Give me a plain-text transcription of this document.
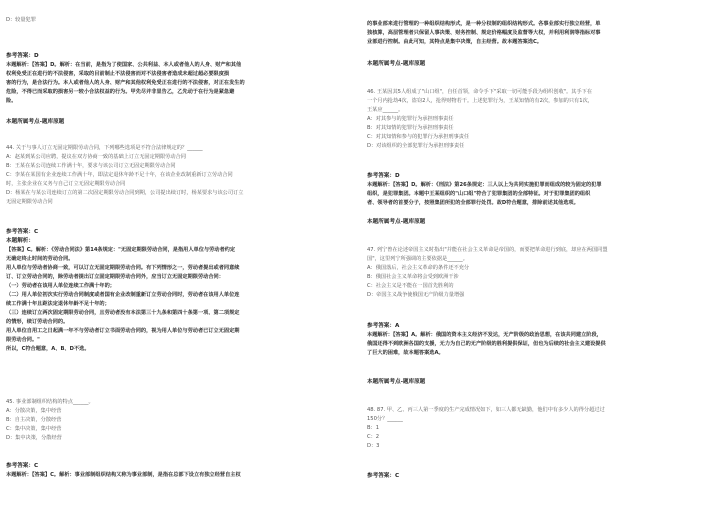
D：较量犯罪
参考答案：D
本题解析：【答案】D。解析：在当前，是指为了使国家、公共利益、本人或者他人的人身、财产和其他
权利免受正在进行的不法侵害，采取的目前制止不法侵害而对不法侵害者造成未超过超必要限度损
害的行为，是合法行为。本人或者他人的人身、财产和其他权利免受正在进行的不法侵害，对正在发生的
危险，不得已而采取的损害另一较小合法权益的行为。甲先尽并非显告乙，乙先动于在行为是紧急避
险。
本题所属考点-题库原题
44. 关于与事人订立无固定期限劳动合同，下列哪些选项是不符合法律规定的？______
A：赵某到某公司应聘，提议在双方协商一致的基础上订立无固定期限劳动合同
B：王某在某公司连续工作满十年，要求与该公司订立无固定期限劳动合同
C：李某在某国有企业连续工作满十年，即法定退休年龄不足十年，在该企业改制重新订立劳动合同
时，主张企业在义务与自己订立无固定期限劳动合同
D：杨某在与某公司连续订立的第二次固定期限劳动合同到期，公司提出续订时，杨某要求与该公司订立
无固定期限劳动合同
参考答案：C
本题解析：
【答案】C。解析：《劳动合同法》第14条规定："无固定期限劳动合同，是指用人单位与劳动者约定
无确定终止时间的劳动合同。
用人单位与劳动者协商一致，可以订立无固定期限劳动合同。有下列情形之一，劳动者提出或者同意续
订、订立劳动合同的，除劳动者提出订立固定期限劳动合同外，应当订立无固定期限劳动合同：
（一）劳动者在该用人单位连续工作满十年的；
（二）用人单位初次实行劳动合同制度或者国有企业改制重新订立劳动合同时，劳动者在该用人单位连
续工作满十年且距法定退休年龄不足十年的；
（三）连续订立两次固定期限劳动合同，且劳动者没有本法第三十九条和第四十条第一项、第二项规定
的情形，续订劳动合同的。
用人单位自用工之日起满一年不与劳动者订立书面劳动合同的，视为用人单位与劳动者已订立无固定期
限劳动合同。"
所以，C符合题意，A、B、D不选。
45. 事业部制组织结构的特点______。
A：分散决策，集中经营
B：自主决策，分散经营
C：集中决策，集中经营
D：集中决策，分散经营
参考答案：C
本题解析：【答案】C。解析：事业部制组织结构又称为事业部制，是指在总部下设立有独立经营自主权
的事业部来进行管理的一种组织结构形式，是一种分权制的组织结构形式。各事业部实行独立经营，单
独核算，高层管理者只保留人事决策、财务控制、规定价格幅度及监督等大权，并利用利润等指标对事
业部进行控制。由此可知，其特点是集中决策，自主经营。故本题答案选C。
本题所属考点-题库原题
46. 王某因其5人组成了"山口组"，自任首领，命令手下"采取一切可能手段为组织创收"。其手下在
一个月内抢劫4次，盗窃2人，抢得财物若干。上述犯罪行为，王某知情的有2次，参加的只有1次，
王某应______。
A：对其参与的犯罪行为承担刑事责任
B：对其知情的犯罪行为承担刑事责任
C：对其知情和参与的犯罪行为承担刑事责任
D：对该组织的全部犯罪行为承担刑事责任
参考答案：D
本题解析：【答案】D。解析：《刑法》第26条规定：三人以上为共同实施犯罪而组成的较为固定的犯罪
组织，是犯罪集团。本题中王某组织的"山口组"符合了犯罪集团的全部特征。对于犯罪集团的组织
者、领导者的首要分子，按照集团所犯的全部罪行处罚。故D符合题意，排除前述其他选项。
本题所属考点-题库原题
47. 列宁曾在论述帝国主义时指出"并能在社会主义革命是帝国的，而要把革命进行到底，却应在两国同盟
国"，这里列宁所强调的主要依据是______。
A：俄国落后，社会主义革命的条件还不充分
B：俄国社会主义革命将会受到欧洲干涉
C：社会主义是不能在一国首先胜利的
D：帝国主义战争使俄国无产阶级力量增强
参考答案：A
本题解析：【答案】A。解析：俄国的资本主义经济不发达，无产阶级的政治思想，在该共同建立阶段，
俄国还得不到欧洲各国的支援，无力为自己的无产阶级的胜利提供保证，但也为后续的社会主义建设提供
了巨大的困难，故本题答案选A。
本题所属考点-题库原题
48. 87. 甲、乙、丙三人第一季度的生产完成情况如下，如三人都无缺勤，他们中有多少人的得分超过过
150分？______
B：1
C：2
D：3
参考答案：C
